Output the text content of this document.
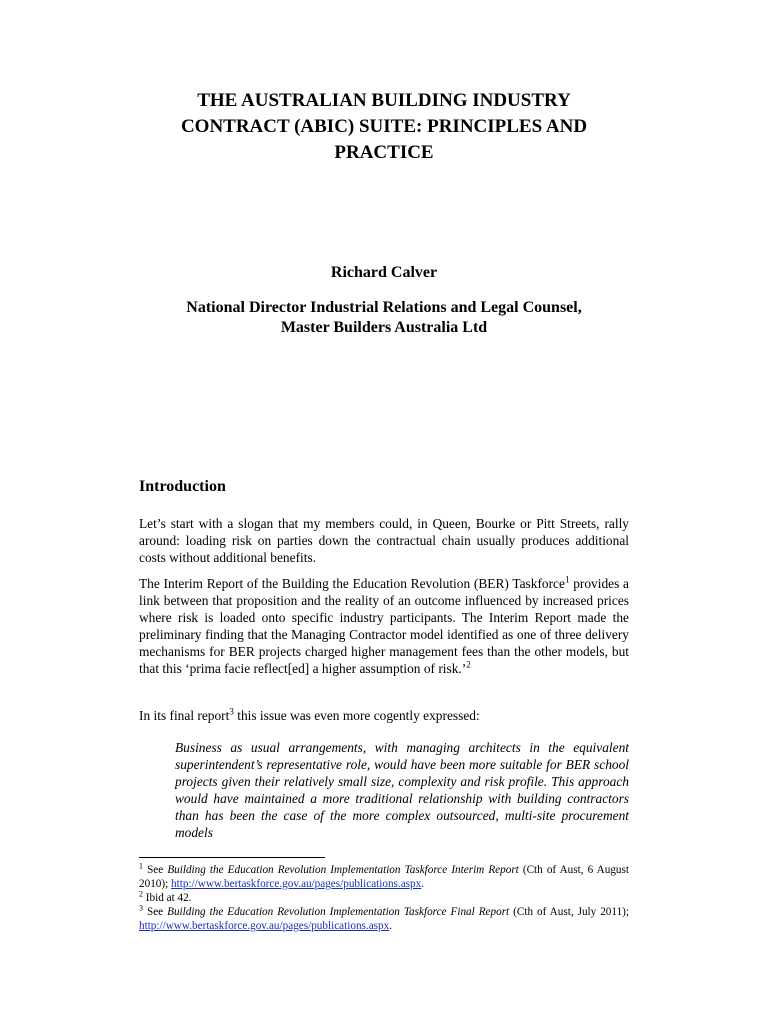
THE AUSTRALIAN BUILDING INDUSTRY
CONTRACT (ABIC) SUITE: PRINCIPLES AND
PRACTICE
Richard Calver
National Director Industrial Relations and Legal Counsel,
Master Builders Australia Ltd
Introduction
Let’s start with a slogan that my members could, in Queen, Bourke or Pitt Streets, rally around: loading risk on parties down the contractual chain usually produces additional costs without additional benefits.
The Interim Report of the Building the Education Revolution (BER) Taskforce$^1$ provides a link between that proposition and the reality of an outcome influenced by increased prices where risk is loaded onto specific industry participants. The Interim Report made the preliminary finding that the Managing Contractor model identified as one of three delivery mechanisms for BER projects charged higher management fees than the other models, but that this ‘prima facie reflect[ed] a higher assumption of risk.’$^2$
In its final report$^3$ this issue was even more cogently expressed:
Business as usual arrangements, with managing architects in the equivalent superintendent’s representative role, would have been more suitable for BER school projects given their relatively small size, complexity and risk profile. This approach would have maintained a more traditional relationship with building contractors than has been the case of the more complex outsourced, multi-site procurement models

$^1$ See Building the Education Revolution Implementation Taskforce Interim Report (Cth of Aust, 6 August 2010); http://www.bertaskforce.gov.au/pages/publications.aspx.

$^2$ Ibid at 42.

$^3$ See Building the Education Revolution Implementation Taskforce Final Report (Cth of Aust, July 2011); http://www.bertaskforce.gov.au/pages/publications.aspx.
